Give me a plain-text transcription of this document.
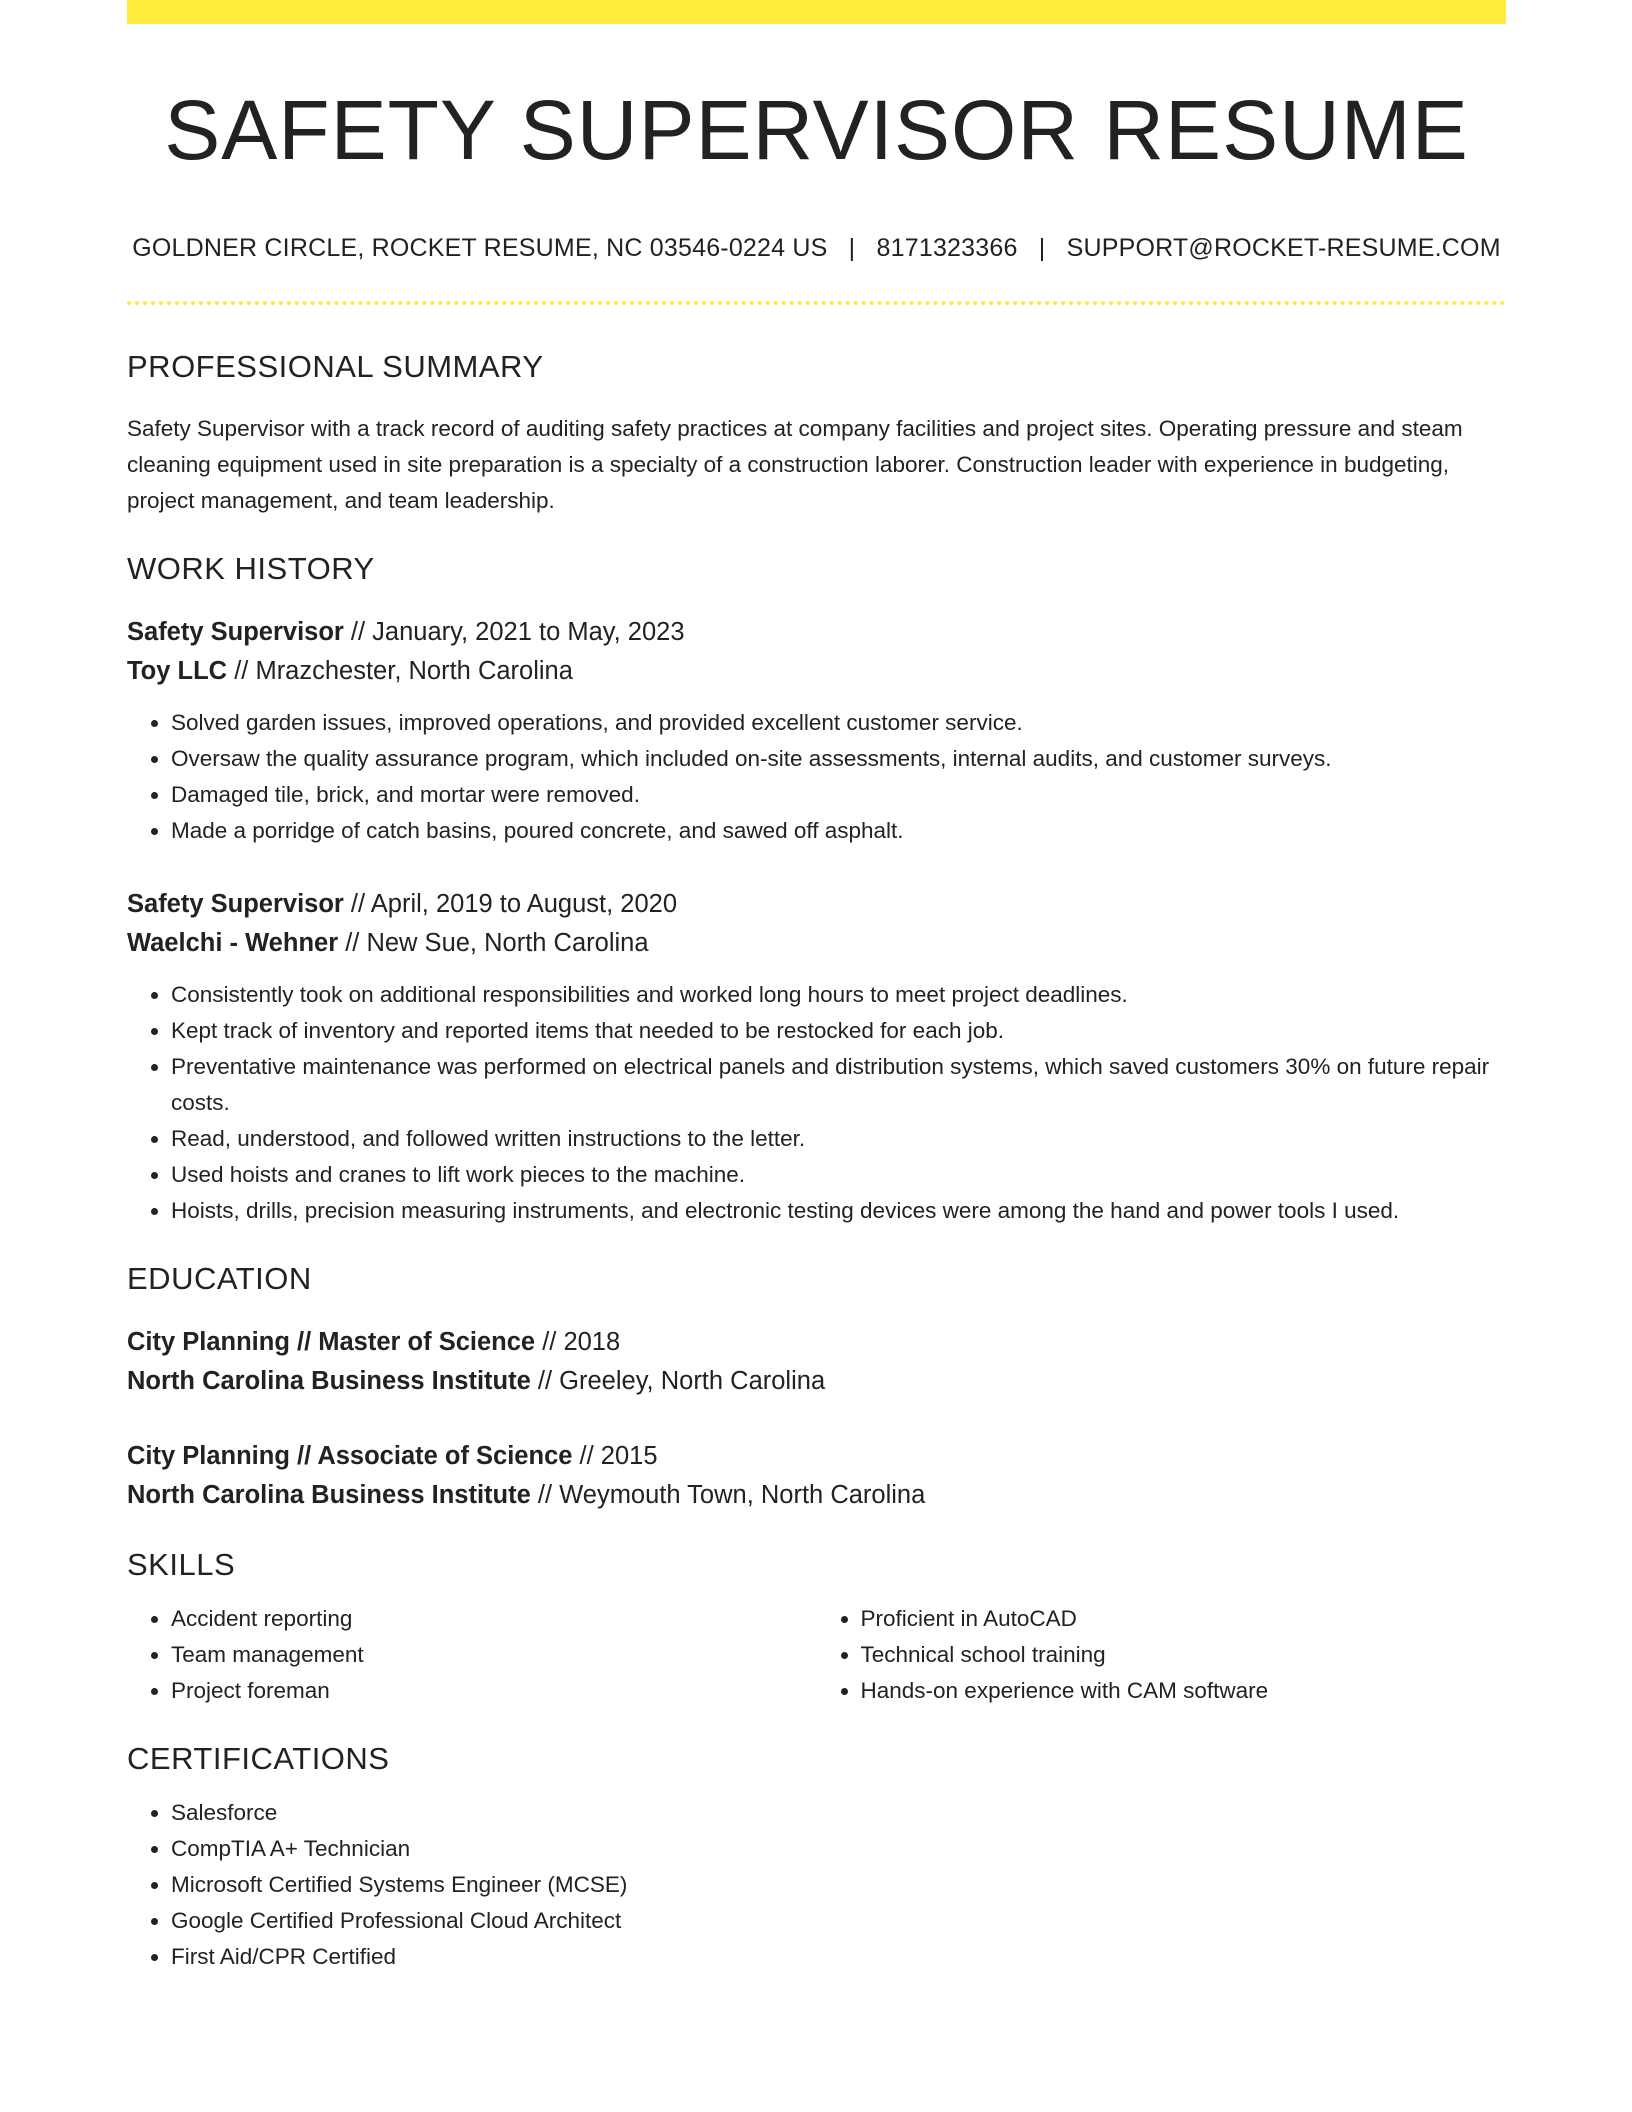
SAFETY SUPERVISOR RESUME
GOLDNER CIRCLE, ROCKET RESUME, NC 03546-0224 US | 8171323366 | SUPPORT@ROCKET-RESUME.COM
PROFESSIONAL SUMMARY
Safety Supervisor with a track record of auditing safety practices at company facilities and project sites. Operating pressure and steam cleaning equipment used in site preparation is a specialty of a construction laborer. Construction leader with experience in budgeting, project management, and team leadership.
WORK HISTORY
Safety Supervisor // January, 2021 to May, 2023
Toy LLC // Mrazchester, North Carolina
• Solved garden issues, improved operations, and provided excellent customer service.
• Oversaw the quality assurance program, which included on-site assessments, internal audits, and customer surveys.
• Damaged tile, brick, and mortar were removed.
• Made a porridge of catch basins, poured concrete, and sawed off asphalt.
Safety Supervisor // April, 2019 to August, 2020
Waelchi - Wehner // New Sue, North Carolina
• Consistently took on additional responsibilities and worked long hours to meet project deadlines.
• Kept track of inventory and reported items that needed to be restocked for each job.
• Preventative maintenance was performed on electrical panels and distribution systems, which saved customers 30% on future repair costs.
• Read, understood, and followed written instructions to the letter.
• Used hoists and cranes to lift work pieces to the machine.
• Hoists, drills, precision measuring instruments, and electronic testing devices were among the hand and power tools I used.
EDUCATION
City Planning // Master of Science // 2018
North Carolina Business Institute // Greeley, North Carolina
City Planning // Associate of Science // 2015
North Carolina Business Institute // Weymouth Town, North Carolina
SKILLS
• Accident reporting
• Team management
• Project foreman
• Proficient in AutoCAD
• Technical school training
• Hands-on experience with CAM software
CERTIFICATIONS
• Salesforce
• CompTIA A+ Technician
• Microsoft Certified Systems Engineer (MCSE)
• Google Certified Professional Cloud Architect
• First Aid/CPR Certified
